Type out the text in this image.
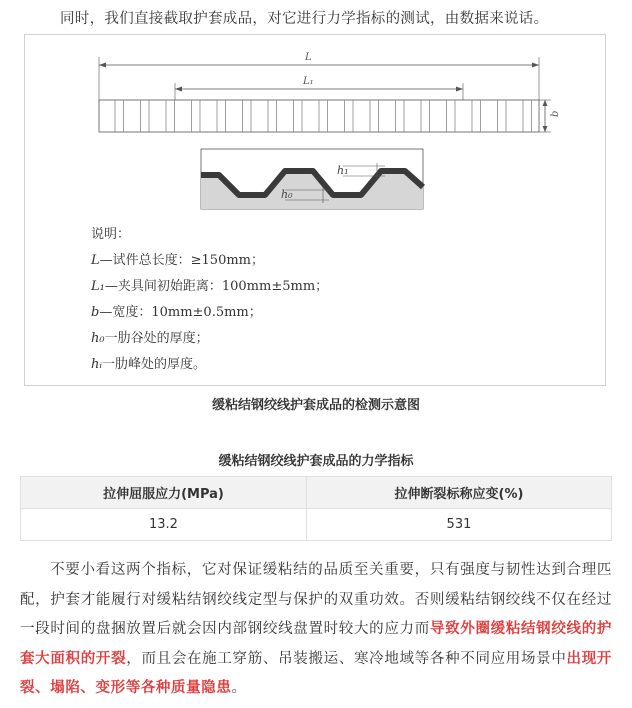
同时，我们直接截取护套成品，对它进行力学指标的测试，由数据来说话。
L
L₁
b
h₁
h₀
说明：
L—试件总长度：≥150mm；
L₁—夹具间初始距离：100mm±5mm；
b—宽度：10mm±0.5mm；
h₀一肋谷处的厚度；
hᵢ一肋峰处的厚度。
缓粘结钢绞线护套成品的检测示意图
缓粘结钢绞线护套成品的力学指标
拉伸屈服应力(MPa)	拉伸断裂标称应变(%)
13.2	531
不要小看这两个指标，它对保证缓粘结的品质至关重要，只有强度与韧性达到合理匹配，护套才能履行对缓粘结钢绞线定型与保护的双重功效。否则缓粘结钢绞线不仅在经过一段时间的盘捆放置后就会因内部钢绞线盘置时较大的应力而导致外圈缓粘结钢绞线的护套大面积的开裂，而且会在施工穿筋、吊装搬运、寒冷地域等各种不同应用场景中出现开裂、塌陷、变形等各种质量隐患。
